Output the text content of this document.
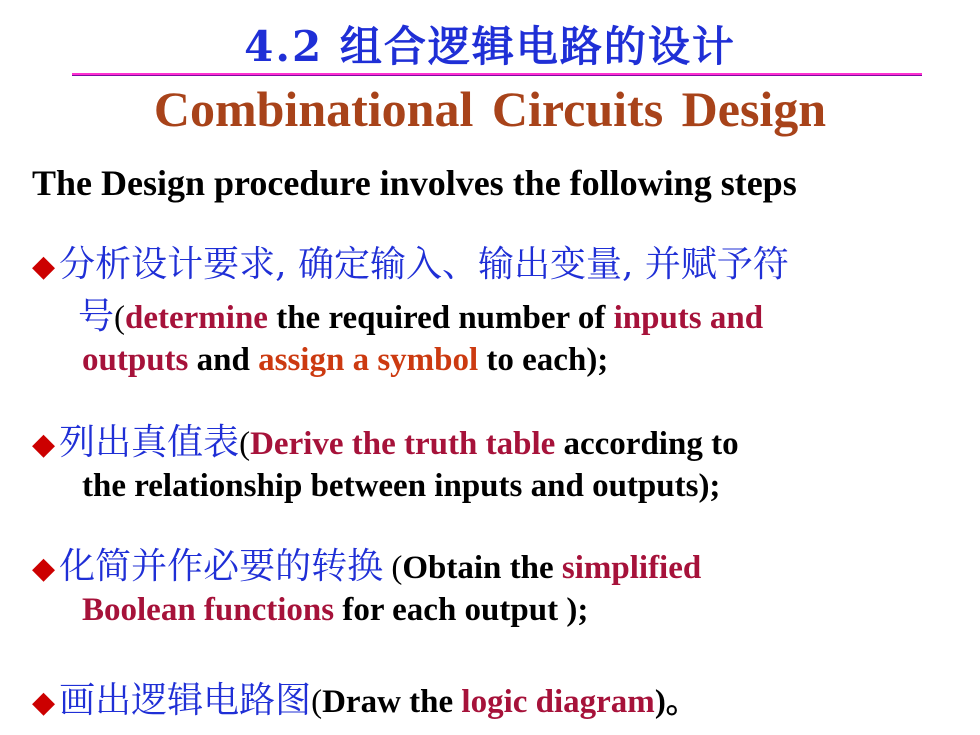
4.2 组合逻辑电路的设计
Combinational Circuits Design
The Design procedure involves the following steps
◆ 分析设计要求, 确定输入、输出变量, 并赋予符
号(determine the required number of inputs and
outputs and assign a symbol to each);
◆ 列出真值表(Derive the truth table according to
the relationship between inputs and outputs);
◆ 化简并作必要的转换 (Obtain the simplified
Boolean functions for each output );
◆ 画出逻辑电路图(Draw the logic diagram)。
